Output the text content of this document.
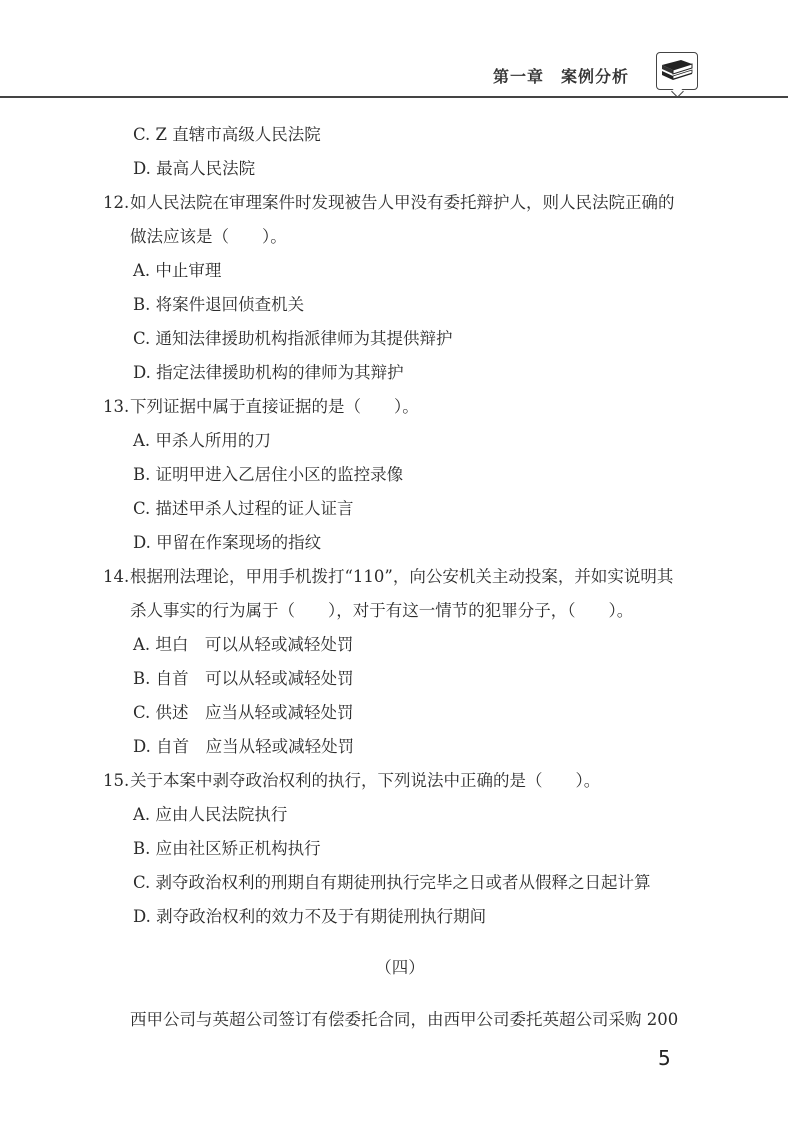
第一章　案例分析
C. Z 直辖市高级人民法院
D. 最高人民法院
12. 如人民法院在审理案件时发现被告人甲没有委托辩护人，则人民法院正确的
做法应该是（　　）。
A. 中止审理
B. 将案件退回侦查机关
C. 通知法律援助机构指派律师为其提供辩护
D. 指定法律援助机构的律师为其辩护
13. 下列证据中属于直接证据的是（　　）。
A. 甲杀人所用的刀
B. 证明甲进入乙居住小区的监控录像
C. 描述甲杀人过程的证人证言
D. 甲留在作案现场的指纹
14. 根据刑法理论，甲用手机拨打“110”，向公安机关主动投案，并如实说明其
杀人事实的行为属于（　　），对于有这一情节的犯罪分子，（　　）。
A. 坦白　可以从轻或减轻处罚
B. 自首　可以从轻或减轻处罚
C. 供述　应当从轻或减轻处罚
D. 自首　应当从轻或减轻处罚
15. 关于本案中剥夺政治权利的执行，下列说法中正确的是（　　）。
A. 应由人民法院执行
B. 应由社区矫正机构执行
C. 剥夺政治权利的刑期自有期徒刑执行完毕之日或者从假释之日起计算
D. 剥夺政治权利的效力不及于有期徒刑执行期间
（四）
西甲公司与英超公司签订有偿委托合同，由西甲公司委托英超公司采购 200
5
